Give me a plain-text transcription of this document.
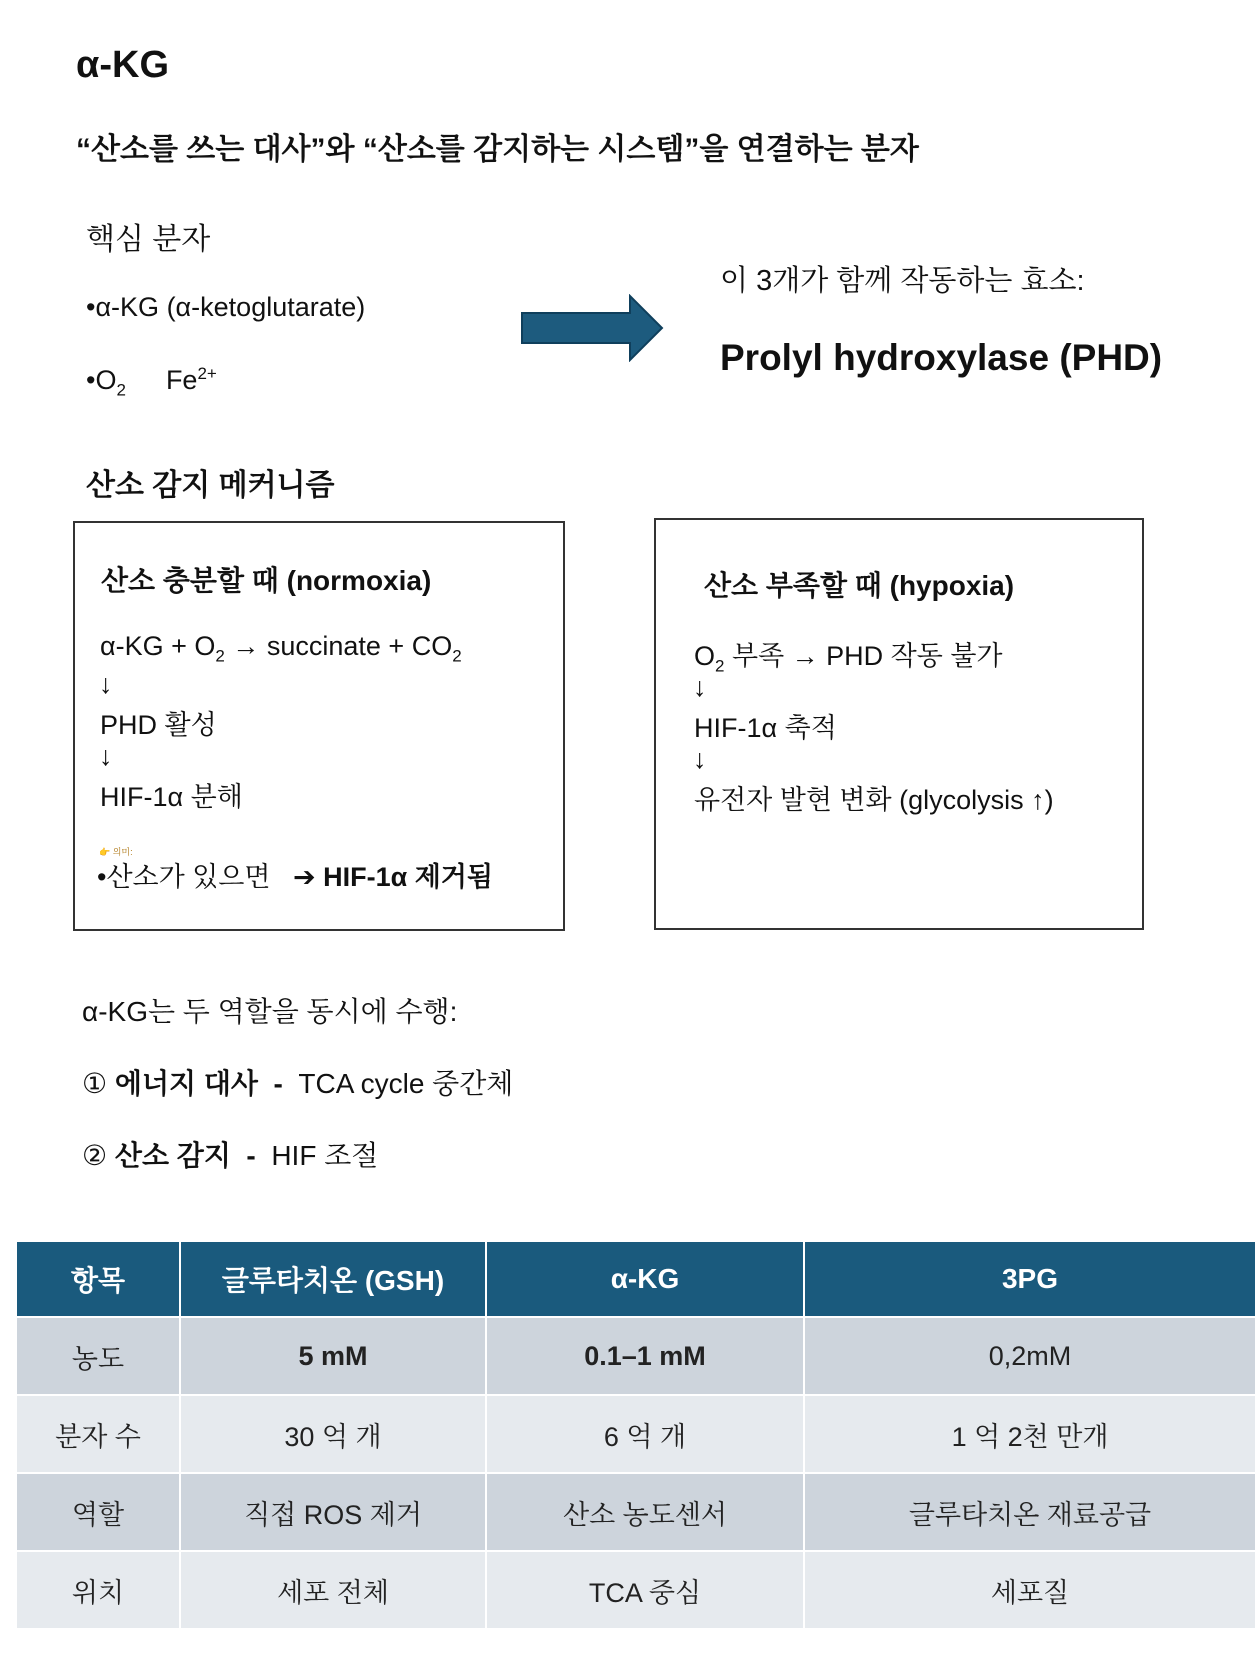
α-KG
“산소를 쓰는 대사”와 “산소를 감지하는 시스템”을 연결하는 분자
핵심 분자
•α-KG (α-ketoglutarate)
$•O_2$ $Fe^{2+}$
이 3개가 함께 작동하는 효소:
Prolyl hydroxylase (PHD)
산소 감지 메커니즘
산소 충분할 때 (normoxia)
$\alpha-KG + O_2$ → succinate + $CO_2$
↓
PHD 활성
↓
HIF-1α 분해
👉 의미:
•산소가 있으면 ➔ HIF-1α 제거됨
산소 부족할 때 (hypoxia)
$O_2$ 부족 → PHD 작동 불가
↓
HIF-1α 축적
↓
유전자 발현 변화 (glycolysis ↑)
α-KG는 두 역할을 동시에 수행:
① 에너지 대사  -  TCA cycle 중간체
② 산소 감지  -  HIF 조절
항목	글루타치온 (GSH)	α-KG	3PG
농도	5 mM	0.1–1 mM	0,2mM
분자 수	30 억 개	6 억 개	1 억 2천 만개
역할	직접 ROS 제거	산소 농도센서	글루타치온 재료공급
위치	세포 전체	TCA 중심	세포질
